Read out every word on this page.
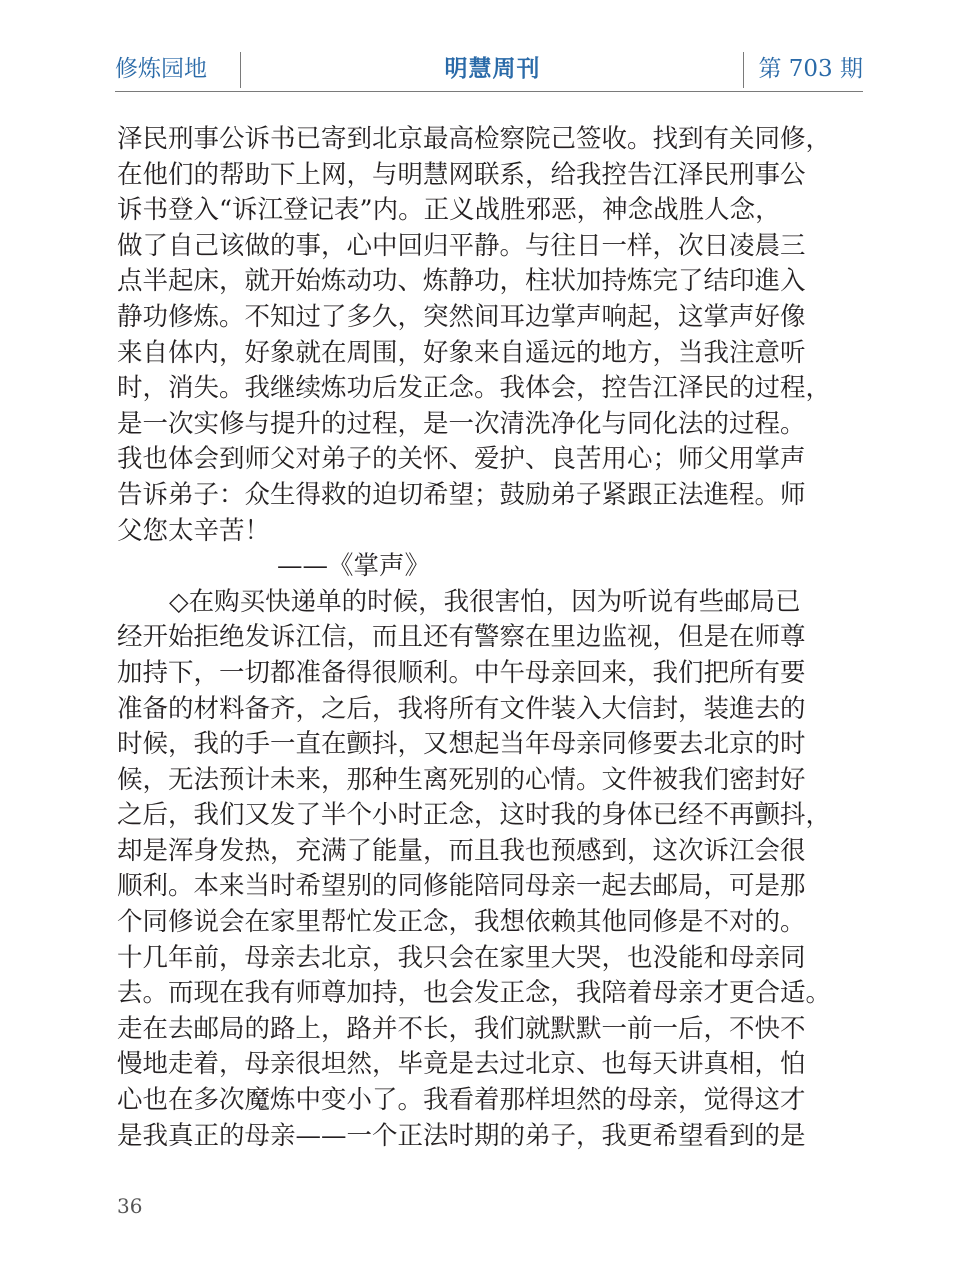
修炼园地	明慧周刊	第 703 期
泽民刑事公诉书已寄到北京最高检察院己签收。找到有关同修，
在他们的帮助下上网，与明慧网联系，给我控告江泽民刑事公
诉书登入“诉江登记表”内。正义战胜邪恶，神念战胜人念，
做了自己该做的事，心中回归平静。与往日一样，次日凌晨三
点半起床，就开始炼动功、炼静功，柱状加持炼完了结印進入
静功修炼。不知过了多久，突然间耳边掌声响起，这掌声好像
来自体内，好象就在周围，好象来自遥远的地方，当我注意听
时，消失。我继续炼功后发正念。我体会，控告江泽民的过程，
是一次实修与提升的过程，是一次清洗净化与同化法的过程。
我也体会到师父对弟子的关怀、爱护、良苦用心；师父用掌声
告诉弟子：众生得救的迫切希望；鼓励弟子紧跟正法進程。师
父您太辛苦！
——《掌声》
◇在购买快递单的时候，我很害怕，因为听说有些邮局已
经开始拒绝发诉江信，而且还有警察在里边监视，但是在师尊
加持下，一切都准备得很顺利。中午母亲回来，我们把所有要
准备的材料备齐，之后，我将所有文件装入大信封，装進去的
时候，我的手一直在颤抖，又想起当年母亲同修要去北京的时
候，无法预计未来，那种生离死别的心情。文件被我们密封好
之后，我们又发了半个小时正念，这时我的身体已经不再颤抖，
却是浑身发热，充满了能量，而且我也预感到，这次诉江会很
顺利。本来当时希望别的同修能陪同母亲一起去邮局，可是那
个同修说会在家里帮忙发正念，我想依赖其他同修是不对的。
十几年前，母亲去北京，我只会在家里大哭，也没能和母亲同
去。而现在我有师尊加持，也会发正念，我陪着母亲才更合适。
走在去邮局的路上，路并不长，我们就默默一前一后，不快不
慢地走着，母亲很坦然，毕竟是去过北京、也每天讲真相，怕
心也在多次魔炼中变小了。我看着那样坦然的母亲，觉得这才
是我真正的母亲——一个正法时期的弟子，我更希望看到的是
36
